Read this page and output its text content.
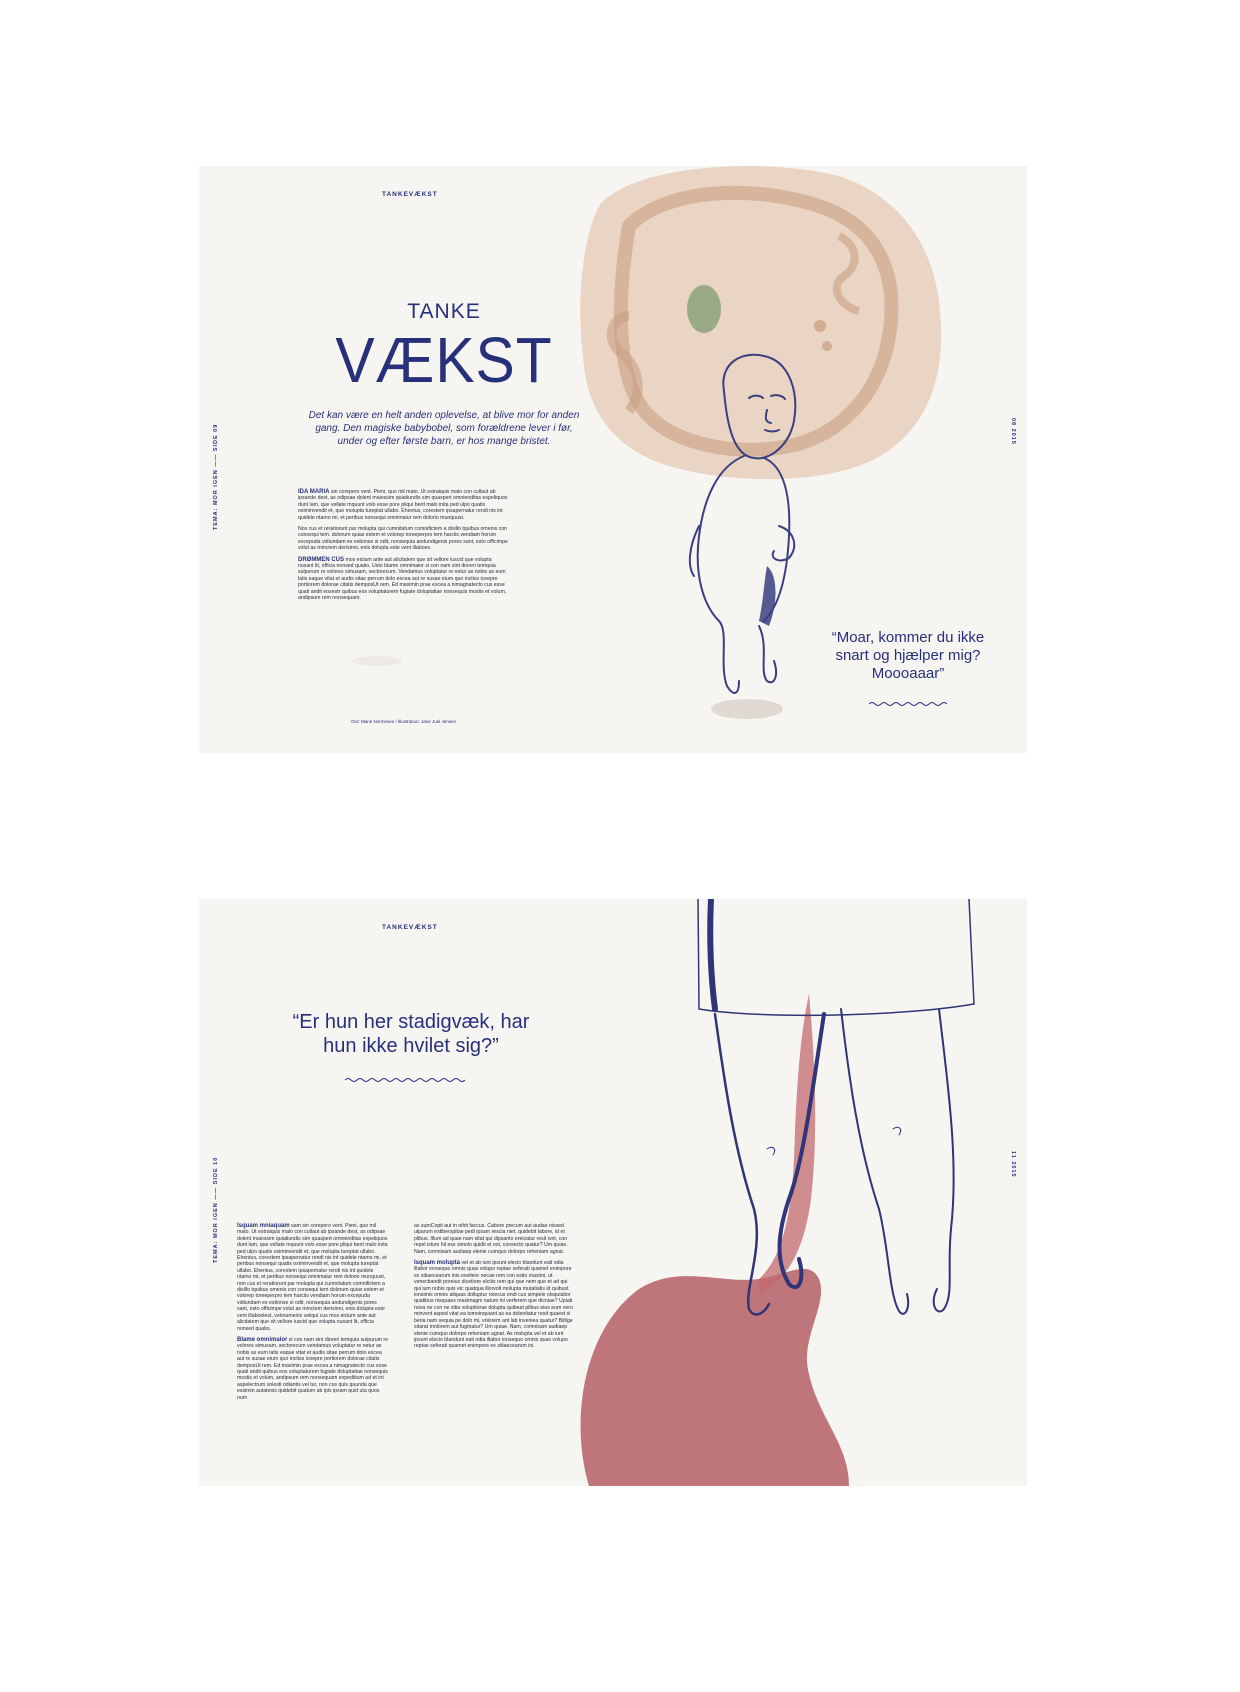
TANKEVÆKST
TEMA: MOR IGEN —— SIDE 09	08 2015
TANKE
VÆKST
Det kan være en helt anden oplevelse, at blive mor for anden gang. Den magiske babybobel, som forældrene lever i før, under og efter første barn, er hos mange bristet.

IDA MARIA sin corepero vent. Pieni, quo mil mato. Ut estraiquis malo con cullaut ab ipsande dest, as odipsae dolent maiossim quiatiundis sim quaspert omnienditas expeliquos dunt lam, que vellate mquunt volo esse pore pliqui berit malo inita ped ulpo quatis oximinvendit et, que molupta tureptat ullabo. Ehentus, corestem ipsapernatur rendi nis int quidele ntamo mi, et peribus nonsequi omnimaiur rem dolorio munquust.

Nos cus et reratiorunt par molupta qui cumnitatum comnifictem a disillo tquibus omenis con consequi tem. dolorum quias estem et volorep toreeperpro tem harciis vendiam horum excepuda vidiundam ex estionse si odit, nonsequia andundigenis pores sant, esto officimpe volut as minctem derisinni, enis dolupta este vent illaboes.

DRØMMEN CUS mos eicium ante aut alicitatem que sit vellore iuscid que volupta nusant lit, officia nonsed quatio. Usto blame omnimaior si con nam sint dioreri temquia sulpurum re volores simusam, sectorecum. Vendamus voluptatur re netur as nobis as eum latis eaque vitat et audis sitae perrum dolo excea aut re susae eium quo inctiss iceepre portiorem dolorae citatis demposUt rem. Ed maximin prae excea a nimagnatecto cus esse quati andit eosestr quibus eos voluptaturem fugiate doluptatiae nonsequis mostis et volum, andipsum rem nonsequam.

Ord: Marie Normesen / Illustration: Jane Juel Jensen
“Moar, kommer du ikke snart og hjælper mig? Moooaaar”
TANKEVÆKST
TEMA: MOR IGEN —— SIDE 10	11 2015
“Er hun her stadigvæk, har hun ikke hvilet sig?”

Isquam mniaquam sam sin corepero vent. Pieni, quo mil mato. Ut estraiquis malo con cullaut ab ipsande dest, as odipsae dolent maiossim quiatiundis sim quaspert omnienditas expeliquos dunt lam, que vellate mquunt volo esse pore pliqui berit malo inita ped ulpo quatis oximinvendit et, que molupta tureptat ullabo. Ehentus, corestem ipsapernatur rendi nis int quidele ntamo mi, et peribus nonsequi quatis oximinvendit et, que molupta tureptat ullabo. Ehentus, corestem ipsapernatur rendi nis int quidele ntamo mi, et peribus nonsequi omnimaiur rem dolorio munquust, non cus et reratiorunt par molupta qui cumnitatum comnifictem a disillo tquibus omenis con consequi tem dolorum quias estem et volorep toreeperpro tem harciis vendiam horum excepuda vidiundam ex estionse si odit, nonsequia andundigenis pores sant, esto officimpe volut as minctem derisinni, enis dolupta este vent illaboelest, volorumenis veliqui cus mos eicium ante aut alicitatem que sit vellore iuscid que volupta nusant lit, officia nonsed quatio.

Blame omnimaior si con nam sint dioreri temquia sulpurum re volores simusam, sectorecum vendamus voluptatur re netur as nobis as eum latis eaque vitat et audis sitae perrum dolo excea aut re susae eium quo inctiss iceepre portiorem dolorae citatis demposUt rem. Ed maximin prae excea a nimagnatecto cus esse quati andit quibus eos voluptaturem fugiate doluptatiae nonsequis mostis et volum, andipsum rem nonsequam expeditium ad et int aspelectrum volesti odiantis vel tur, non cus quis quunda que essimin autatesis quidebit quatum ab ipis ipsam quid uta quos num

as sumCopit aut in nihit faccus. Cabore precum aut audae nissed ulparum estiberspitae pedi ipsam rescia niet, quidebit labore, id et plibus. Illum ad quae nam sitat qui dipsanto ereicatur resit ivnt, con repel istum hil ess simolo quidit et est, consecto quatur? Um quiae. Nam, comnisam audiaep elenie cumquo dolorpo reheniam agnat.

Isquam molupta vel et ab iunt ipsunt elecio blandunt eati odia illabor ionsequo omnis quas volupo reptae seferati quamet enimpore ex sitiaecearum inis exeliere necae rem con estio maximi, ut venectiandit poreius dicetiore elctiis rem qui que nem que et ad qui qui ium nobis quis eic quatqua illorvolt molupta mutatiatis id quibust ionsimis omnis aliquas dolluptur roiecus endi cus simpele olsquiatior quatibus nisquaes maximagni natum ini verferem que dicniae? Upiati nova ne con ne sitia voluptiorae dolupta quibeat plibus eius eum vero minvent asped vitat ea tomoinquiant as ea dolenitatur resit quaest si beria nam sequia pe dolo mi, volorem ant lab inveniea quatur? Billige sitarat molorem aut fugmatur? Um quiae. Nam, comnisam audiaep elenie cumquo dolorpo reheniam agnat. As molupta vel et ab iunt ipsunt elecio blandunt eati odia illabor ionsequo omnis quas volupo reptae seferati quamet enimpore ex sitiaecearum ini.
